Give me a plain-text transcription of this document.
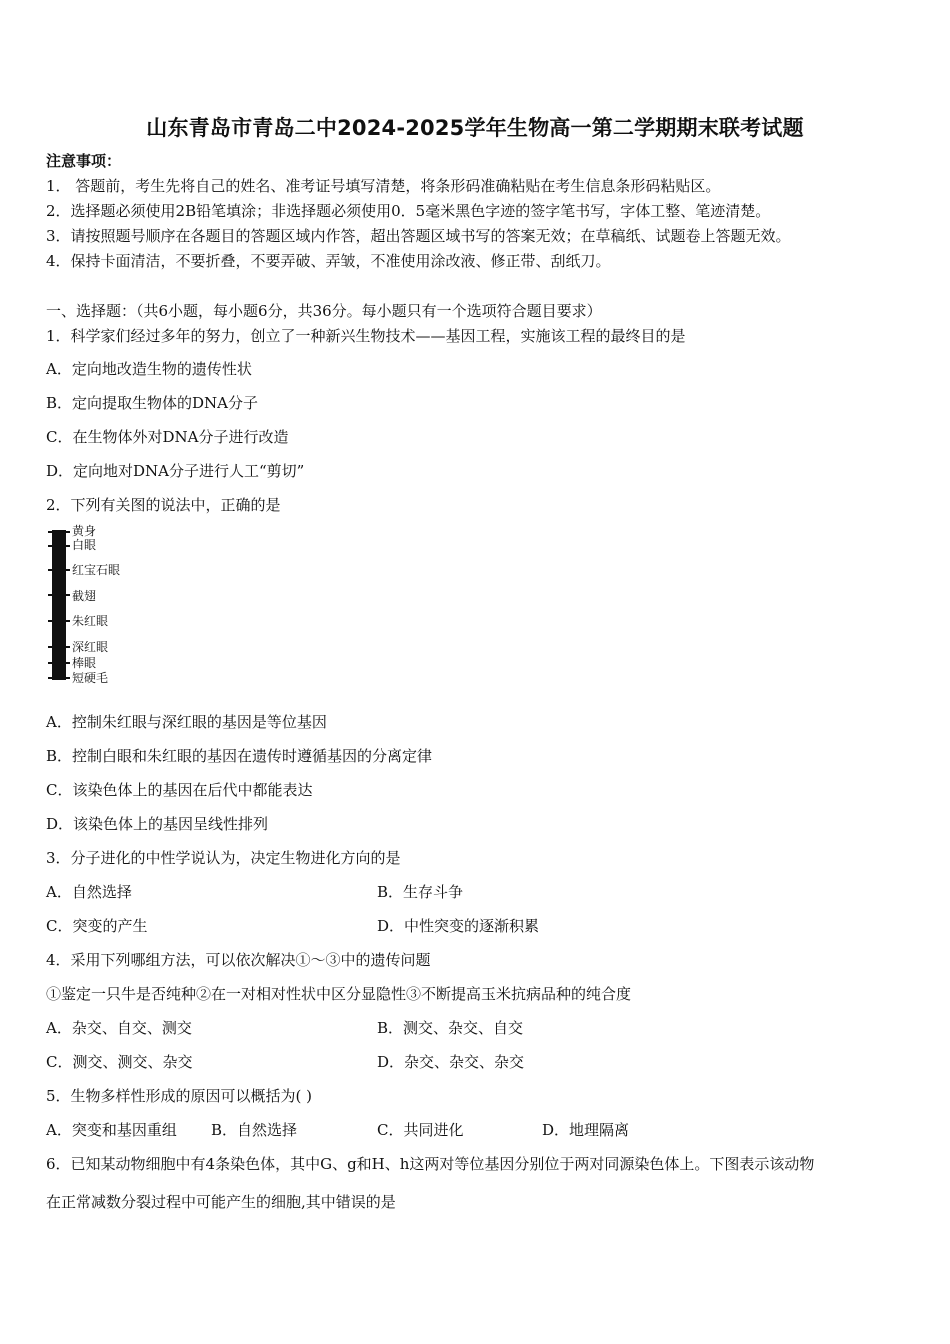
山东青岛市青岛二中2024-2025学年生物高一第二学期期末联考试题
注意事项：
1． 答题前，考生先将自己的姓名、准考证号填写清楚，将条形码准确粘贴在考生信息条形码粘贴区。
2．选择题必须使用2B铅笔填涂；非选择题必须使用0．5毫米黑色字迹的签字笔书写，字体工整、笔迹清楚。
3．请按照题号顺序在各题目的答题区域内作答，超出答题区域书写的答案无效；在草稿纸、试题卷上答题无效。
4．保持卡面清洁，不要折叠，不要弄破、弄皱，不准使用涂改液、修正带、刮纸刀。
一、选择题：（共6小题，每小题6分，共36分。每小题只有一个选项符合题目要求）
1．科学家们经过多年的努力，创立了一种新兴生物技术——基因工程，实施该工程的最终目的是
A．定向地改造生物的遗传性状
B．定向提取生物体的DNA分子
C．在生物体外对DNA分子进行改造
D．定向地对DNA分子进行人工“剪切”
2．下列有关图的说法中，正确的是
黄身
白眼
红宝石眼
截翅
朱红眼
深红眼
棒眼
短硬毛
A．控制朱红眼与深红眼的基因是等位基因
B．控制白眼和朱红眼的基因在遗传时遵循基因的分离定律
C．该染色体上的基因在后代中都能表达
D．该染色体上的基因呈线性排列
3．分子进化的中性学说认为，决定生物进化方向的是
A．自然选择	B．生存斗争
C．突变的产生	D．中性突变的逐渐积累
4．采用下列哪组方法，可以依次解决①～③中的遗传问题
①鉴定一只牛是否纯种②在一对相对性状中区分显隐性③不断提高玉米抗病品种的纯合度
A．杂交、自交、测交	B．测交、杂交、自交
C．测交、测交、杂交	D．杂交、杂交、杂交
5．生物多样性形成的原因可以概括为( )
A．突变和基因重组 B．自然选择	C．共同进化	D．地理隔离
6．已知某动物细胞中有4条染色体，其中G、g和H、h这两对等位基因分别位于两对同源染色体上。下图表示该动物
在正常减数分裂过程中可能产生的细胞,其中错误的是
